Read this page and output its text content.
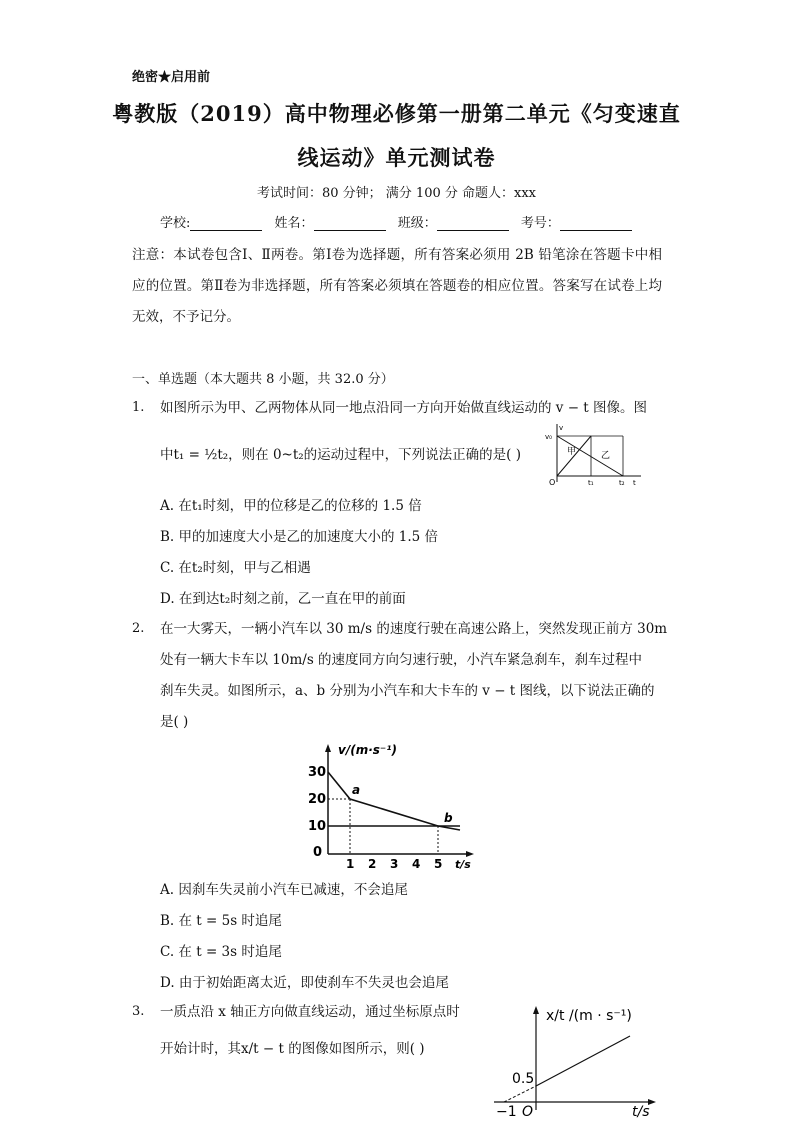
绝密★启用前
粤教版（2019）高中物理必修第一册第二单元《匀变速直
线运动》单元测试卷
考试时间：80 分钟； 满分 100 分 命题人：xxx
学校:	姓名：	班级：	考号：
注意：本试卷包含Ⅰ、Ⅱ两卷。第Ⅰ卷为选择题，所有答案必须用 2B 铅笔涂在答题卡中相应的位置。第Ⅱ卷为非选择题，所有答案必须填在答题卷的相应位置。答案写在试卷上均无效，不予记分。
一、单选题（本大题共 8 小题，共 32.0 分）
1. 如图所示为甲、乙两物体从同一地点沿同一方向开始做直线运动的 v − t 图像。图
中t₁ = ½t₂，则在 0~t₂的运动过程中，下列说法正确的是( )
v₀
v
甲	乙
O	t₁	t₂ t
A. 在t₁时刻，甲的位移是乙的位移的 1.5 倍
B. 甲的加速度大小是乙的加速度大小的 1.5 倍
C. 在t₂时刻，甲与乙相遇
D. 在到达t₂时刻之前，乙一直在甲的前面
2. 在一大雾天，一辆小汽车以 30 m/s 的速度行驶在高速公路上，突然发现正前方 30m
处有一辆大卡车以 10m/s 的速度同方向匀速行驶，小汽车紧急刹车，刹车过程中
刹车失灵。如图所示，a、b 分别为小汽车和大卡车的 v − t 图线，以下说法正确的
是( )
v/(m·s⁻¹)
30
20
10
0
1 2 3 4 5 t/s
a
b
A. 因刹车失灵前小汽车已减速，不会追尾
B. 在 t = 5s 时追尾
C. 在 t = 3s 时追尾
D. 由于初始距离太近，即使刹车不失灵也会追尾
3. 一质点沿 x 轴正方向做直线运动，通过坐标原点时
开始计时，其x/t − t 的图像如图所示，则( )
x/t /(m · s⁻¹)
0.5
−1 O	t/s
